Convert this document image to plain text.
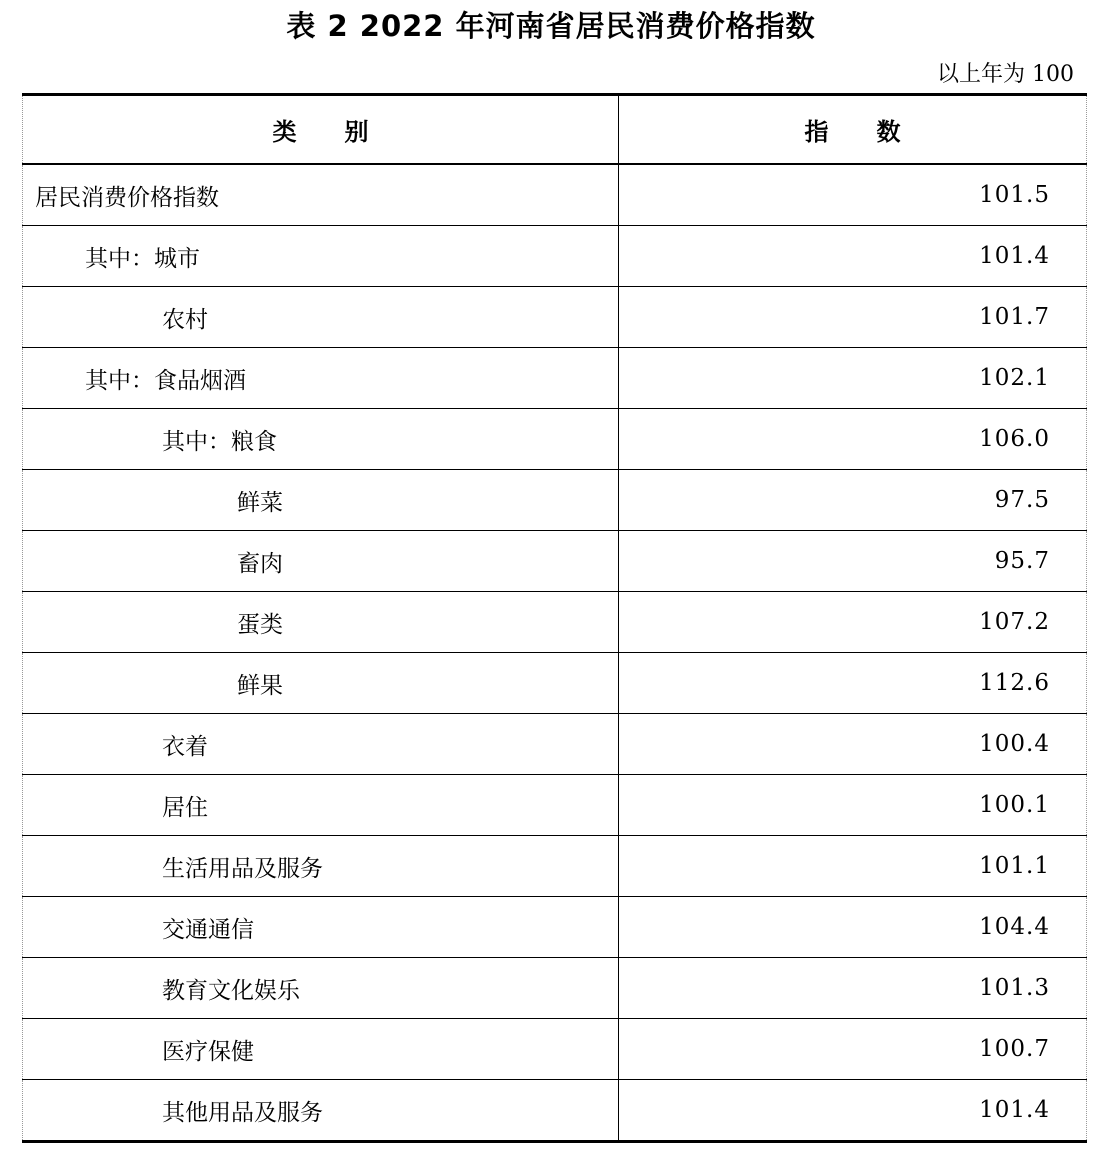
表 2 2022 年河南省居民消费价格指数
以上年为 100
类　　别	指　　数
居民消费价格指数	101.5
其中：城市	101.4
农村	101.7
其中：食品烟酒	102.1
其中：粮食	106.0
鲜菜	97.5
畜肉	95.7
蛋类	107.2
鲜果	112.6
衣着	100.4
居住	100.1
生活用品及服务	101.1
交通通信	104.4
教育文化娱乐	101.3
医疗保健	100.7
其他用品及服务	101.4
